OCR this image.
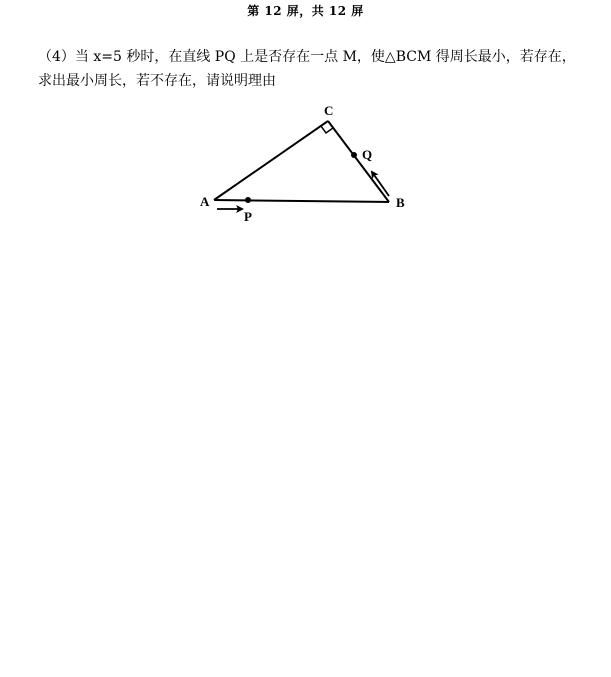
第 12 屏，共 12 屏
（4）当 x=5 秒时，在直线 PQ 上是否存在一点 M，使△BCM 得周长最小，若存在，
求出最小周长，若不存在，请说明理由
A	B
C
P
Q
